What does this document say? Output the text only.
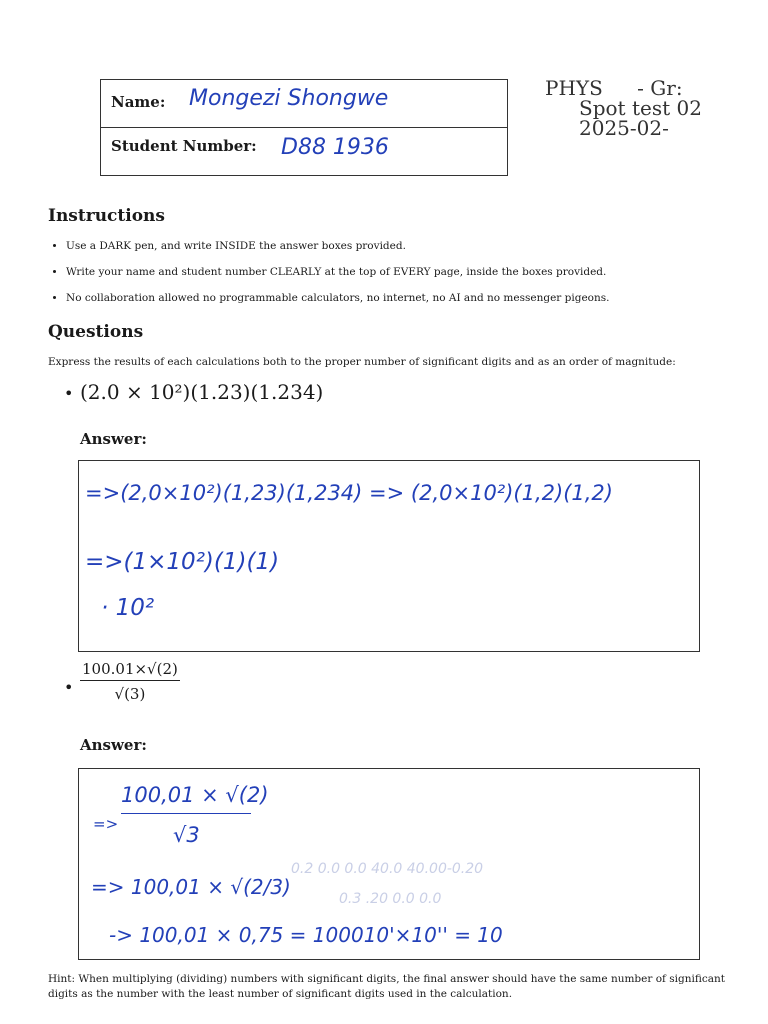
Name: Mongezi Shongwe
Student Number: D88 1936
PHYS - Gr:
Spot test 02
2025-02-
Instructions
• Use a DARK pen, and write INSIDE the answer boxes provided.
• Write your name and student number CLEARLY at the top of EVERY page, inside the boxes provided.
• No collaboration allowed no programmable calculators, no internet, no AI and no messenger pigeons.
Questions
Express the results of each calculations both to the proper number of significant digits and as an order of magnitude:
• (2.0 × 10²)(1.23)(1.234)
Answer:
=>(2,0×10²)(1,23)(1,234) => (2,0×10²)(1,2)(1,2)
=>(1×10²)(1)(1)
· 10²
• $\frac{100.01\times√(2)}{√(3)}$
Answer:
100,01 × √(2)
=>	√3
=> 100,01 × √(2/3)
-> 100,01 × 0,75 = 100010'×10'' = 10
0.2 0.0 0.0 40.0 40.00-0.20
0.3 .20 0.0 0.0
Hint: When multiplying (dividing) numbers with significant digits, the final answer should have the same number of significant digits as the number with the least number of significant digits used in the calculation.
